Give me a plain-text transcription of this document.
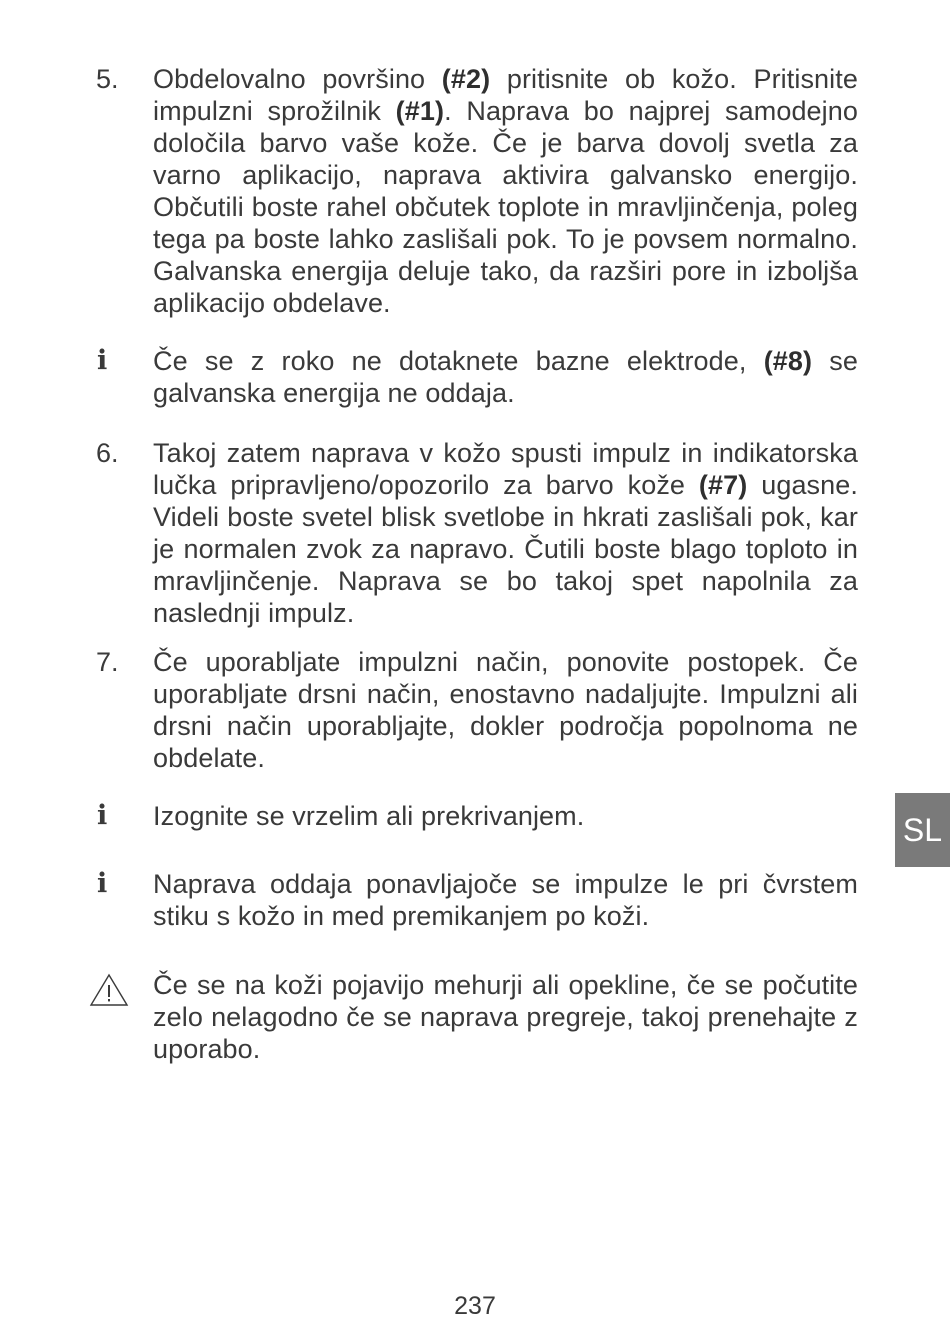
5.	Obdelovalno površino (#2) pritisnite ob kožo. Pritisnite impulzni sprožilnik (#1). Naprava bo najprej samodejno določila barvo vaše kože. Če je barva dovolj svetla za varno aplikacijo, naprava aktivira galvansko energijo. Občutili boste rahel občutek toplote in mravljinčenja, poleg tega pa boste lahko zaslišali pok. To je povsem normalno. Galvanska energija deluje tako, da razširi pore in izboljša aplikacijo obdelave.

i Če se z roko ne dotaknete bazne elektrode, (#8) se galvanska energija ne oddaja.

6.	Takoj zatem naprava v kožo spusti impulz in indikatorska lučka pripravljeno/opozorilo za barvo kože (#7) ugasne. Videli boste svetel blisk svetlobe in hkrati zaslišali pok, kar je normalen zvok za napravo. Čutili boste blago toploto in mravljinčenje. Naprava se bo takoj spet napolnila za naslednji impulz.

7.	Če uporabljate impulzni način, ponovite postopek. Če uporabljate drsni način, enostavno nadaljujte. Impulzni ali drsni način uporabljajte, dokler področja popolnoma ne obdelate.

i Izognite se vrzelim ali prekrivanjem.

i Naprava oddaja ponavljajoče se impulze le pri čvrstem stiku s kožo in med premikanjem po koži.

Če se na koži pojavijo mehurji ali opekline, če se počutite zelo nelagodno če se naprava pregreje, takoj prenehajte z uporabo.

SL
237
